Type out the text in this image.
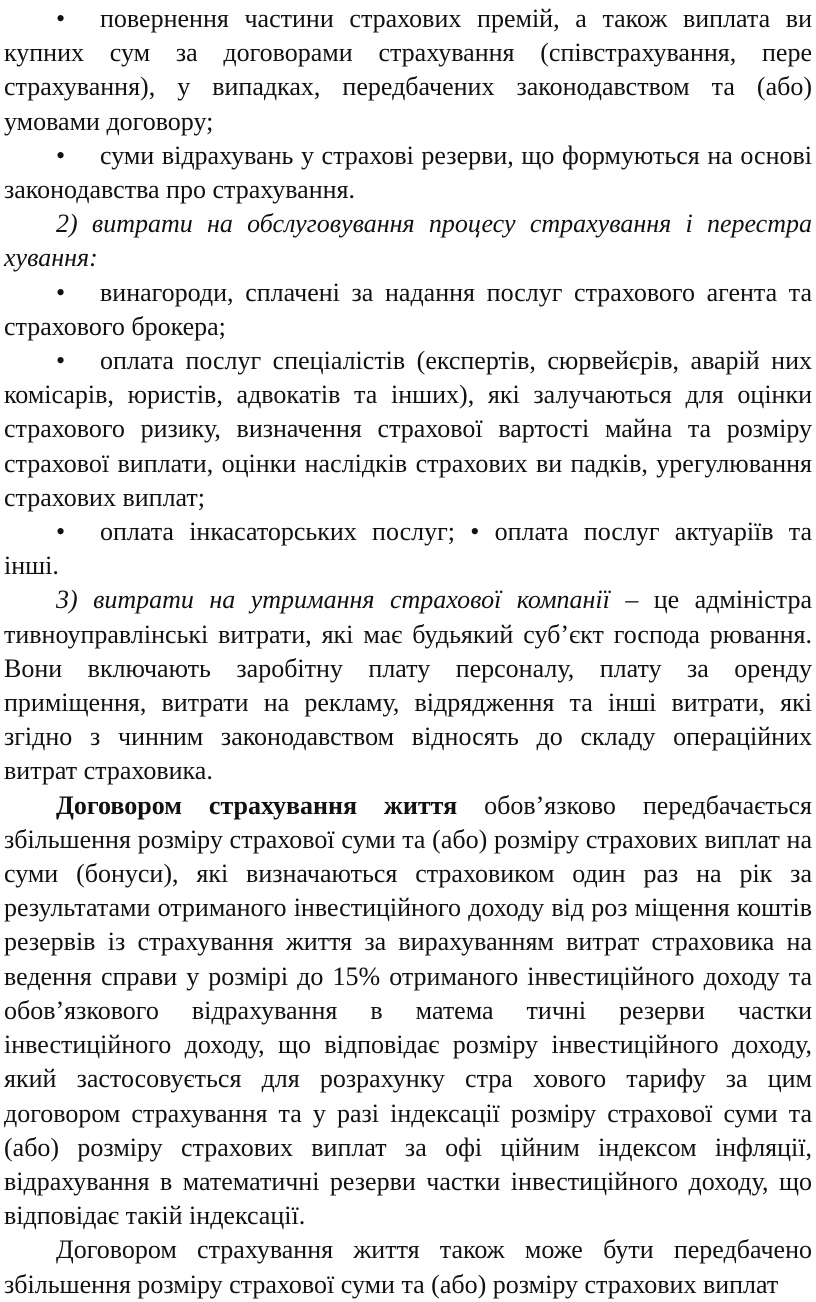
• повернення частини страхових премій, а також виплата ви купних сум за договорами страхування (співстрахування, пере страхування), у випадках, передбачених законодавством та (або) умовами договору;

• суми відрахувань у страхові резерви, що формуються на основі законодавства про страхування.

2) витрати на обслуговування процесу страхування і перестра хування:

• винагороди, сплачені за надання послуг страхового агента та страхового брокера;

• оплата послуг спеціалістів (експертів, сюрвейєрів, аварій них комісарів, юристів, адвокатів та інших), які залучаються для оцінки страхового ризику, визначення страхової вартості майна та розміру страхової виплати, оцінки наслідків страхових ви падків, урегулювання страхових виплат;

• оплата інкасаторських послуг; • оплата послуг актуаріїв та інші.

3) витрати на утримання страхової компанії – це адміністра тивноуправлінські витрати, які має будьякий суб’єкт господа рювання. Вони включають заробітну плату персоналу, плату за оренду приміщення, витрати на рекламу, відрядження та інші витрати, які згідно з чинним законодавством відносять до складу операційних витрат страховика.

Договором страхування життя обов’язково передбачається збільшення розміру страхової суми та (або) розміру страхових виплат на суми (бонуси), які визначаються страховиком один раз на рік за результатами отриманого інвестиційного доходу від роз міщення коштів резервів із страхування життя за вирахуванням витрат страховика на ведення справи у розмірі до 15% отриманого інвестиційного доходу та обов’язкового відрахування в матема тичні резерви частки інвестиційного доходу, що відповідає розміру інвестиційного доходу, який застосовується для розрахунку стра хового тарифу за цим договором страхування та у разі індексації розміру страхової суми та (або) розміру страхових виплат за офі ційним індексом інфляції, відрахування в математичні резерви частки інвестиційного доходу, що відповідає такій індексації.

Договором страхування життя також може бути передбачено збільшення розміру страхової суми та (або) розміру страхових виплат
